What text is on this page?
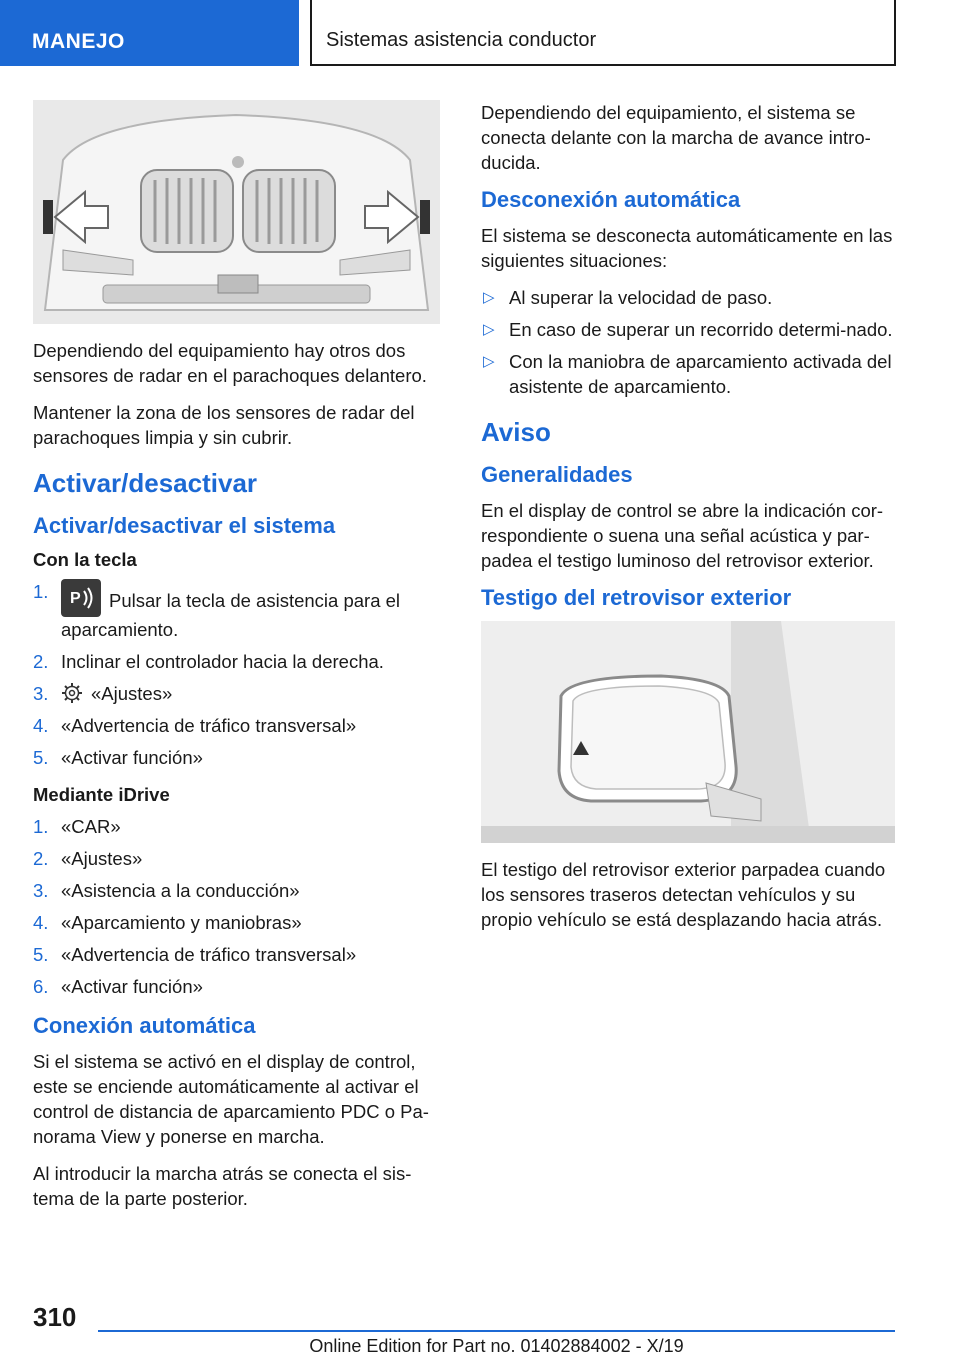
MANEJO	Sistemas asistencia conductor

Dependiendo del equipamiento hay otros dos sensores de radar en el parachoques delantero.

Mantener la zona de los sensores de radar del parachoques limpia y sin cubrir.

Activar/desactivar
Activar/desactivar el sistema
Con la tecla
1. P Pulsar la tecla de asistencia para el aparcamiento.
2. Inclinar el controlador hacia la derecha.
3. «Ajustes»
4. «Advertencia de tráfico transversal»
5. «Activar función»
Mediante iDrive
1. «CAR»
2. «Ajustes»
3. «Asistencia a la conducción»
4. «Aparcamiento y maniobras»
5. «Advertencia de tráfico transversal»
6. «Activar función»
Conexión automática

Si el sistema se activó en el display de control, este se enciende automáticamente al activar el control de distancia de aparcamiento PDC o Pa-norama View y ponerse en marcha.

Al introducir la marcha atrás se conecta el sis-tema de la parte posterior.

Dependiendo del equipamiento, el sistema se conecta delante con la marcha de avance intro-ducida.

Desconexión automática

El sistema se desconecta automáticamente en las siguientes situaciones:

▷ Al superar la velocidad de paso.
▷ En caso de superar un recorrido determi-nado.
▷ Con la maniobra de aparcamiento activada del asistente de aparcamiento.
Aviso
Generalidades

En el display de control se abre la indicación cor-respondiente o suena una señal acústica y par-padea el testigo luminoso del retrovisor exterior.

Testigo del retrovisor exterior

El testigo del retrovisor exterior parpadea cuando los sensores traseros detectan vehículos y su propio vehículo se está desplazando hacia atrás.

310
Online Edition for Part no. 01402884002 - X/19
